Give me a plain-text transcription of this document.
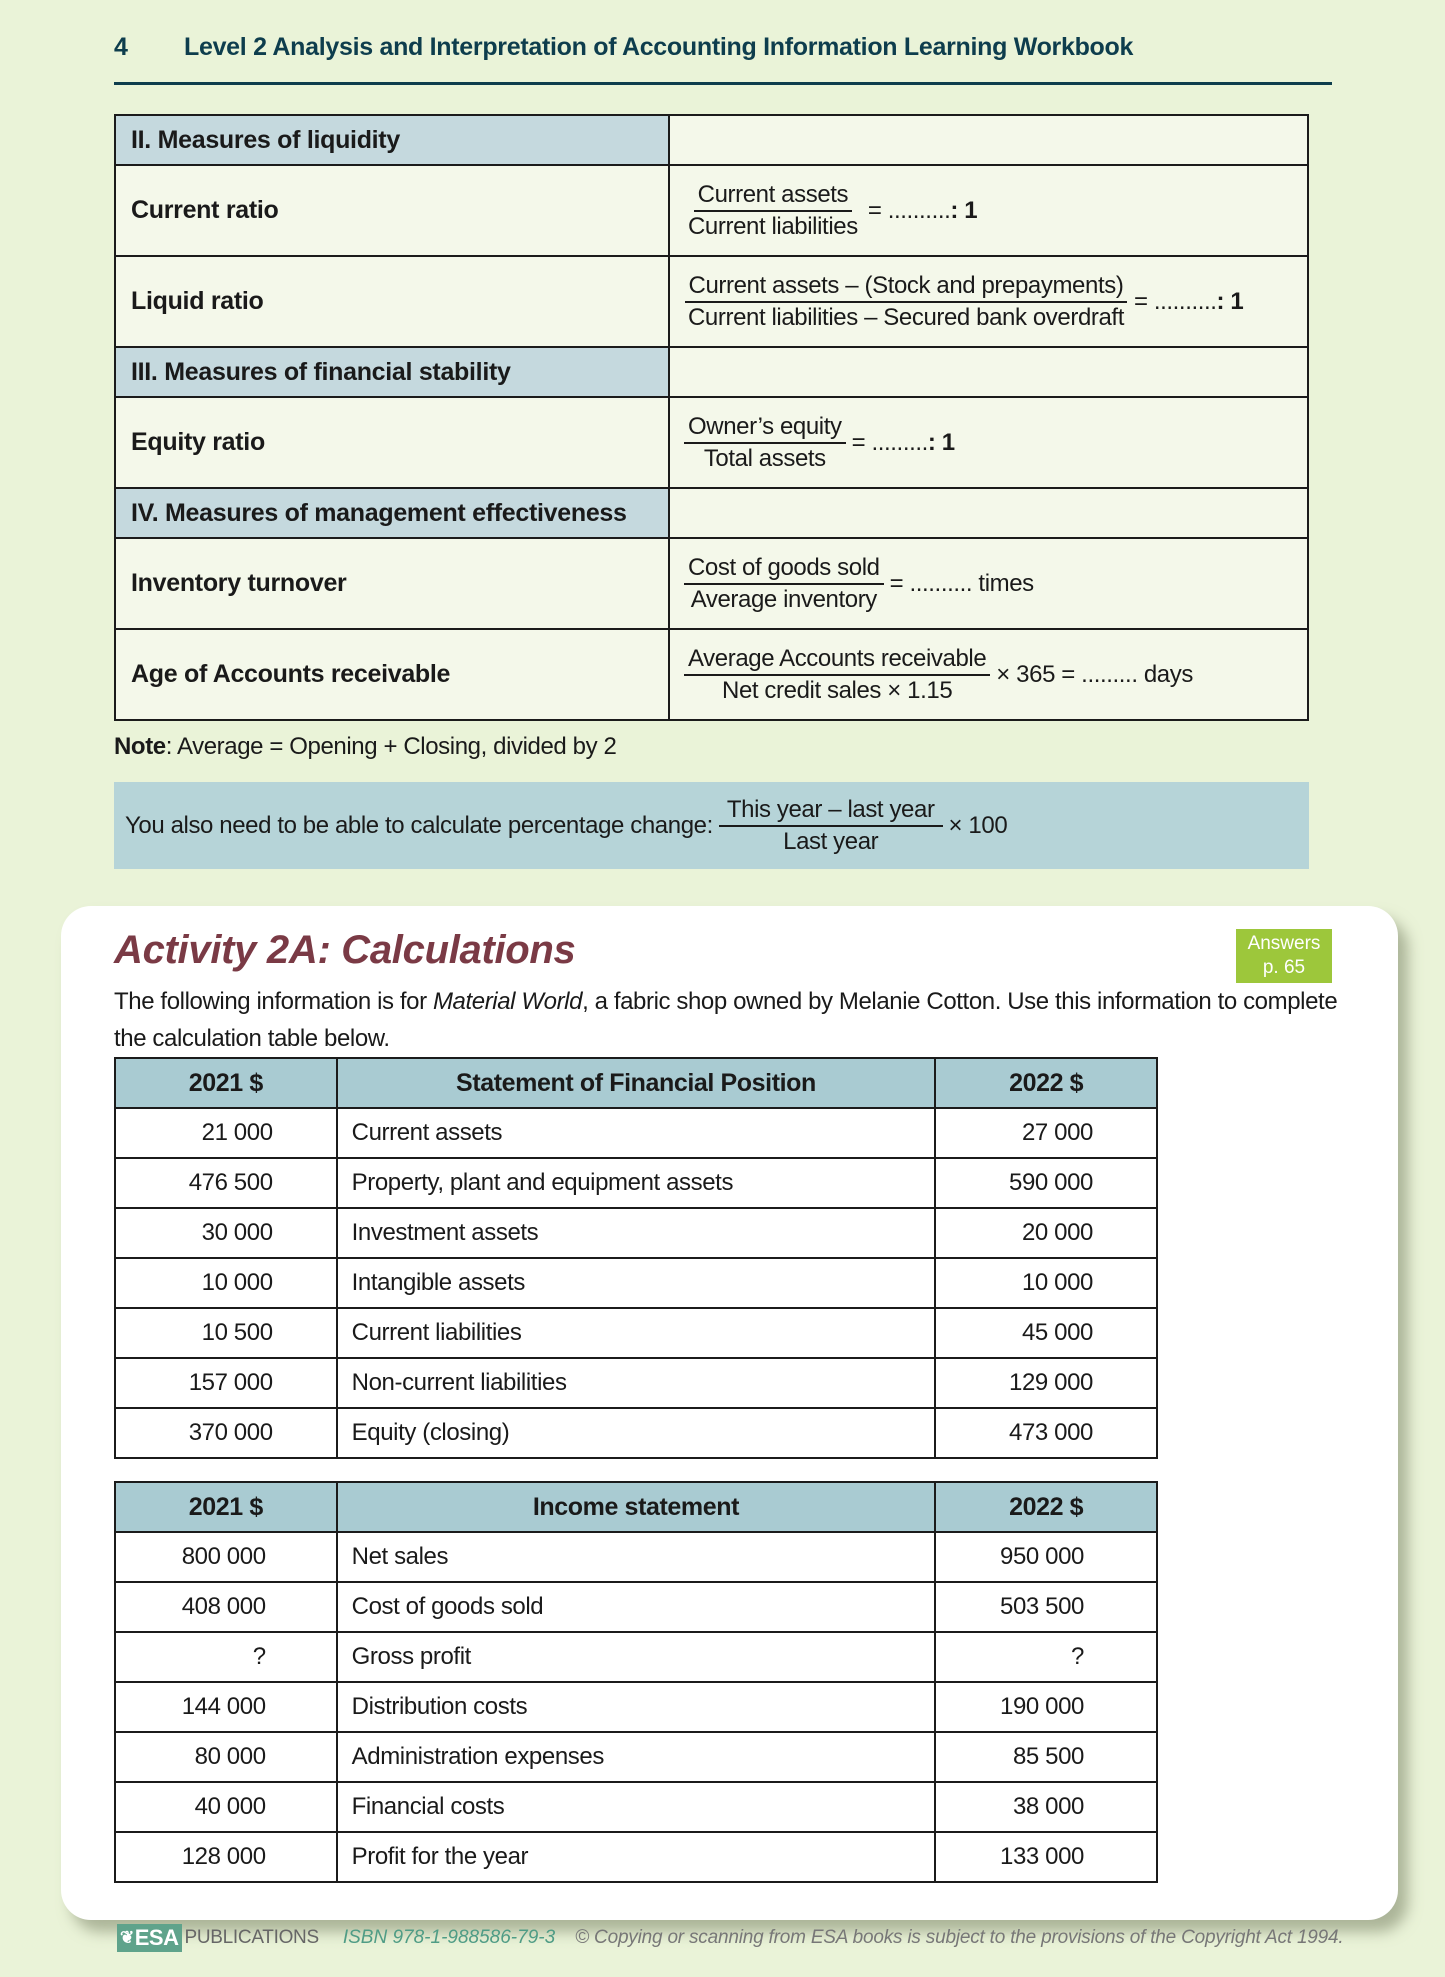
4	Level 2 Analysis and Interpretation of Accounting Information Learning Workbook
II. Measures of liquidity	
Current ratio	$\frac{\text{Current assets}}{\text{Current liabilities}}$ = ..........: 1

Liquid ratio	$\frac{\text{Current assets – (Stock and prepayments)}}{\text{Current liabilities – Secured bank overdraft}}$ = ..........: 1

III. Measures of financial stability	
Equity ratio	$\frac{\text{Owner’s equity}}{\text{Total assets}}$ = .........: 1

IV. Measures of management effectiveness	
Inventory turnover	$\frac{\text{Cost of goods sold}}{\text{Average inventory}}$ = .......... times

Age of Accounts receivable	$\frac{\text{Average Accounts receivable}}{\text{Net credit sales × 1.15}} \times 365$ = ......... days
Note: Average = Opening + Closing, divided by 2
You also need to be able to calculate percentage change: $\frac{\text{This year – last year}}{\text{Last year}} \times 100$
Activity 2A: Calculations	Answers
p. 65
The following information is for Material World, a fabric shop owned by Melanie Cotton. Use this information to complete the calculation table below.
2021 $	Statement of Financial Position	2022 $
21 000	Current assets	27 000
476 500	Property, plant and equipment assets	590 000
30 000	Investment assets	20 000
10 000	Intangible assets	10 000
10 500	Current liabilities	45 000
157 000	Non-current liabilities	129 000
370 000	Equity (closing)	473 000
2021 $	Income statement	2022 $
800 000	Net sales	950 000
408 000	Cost of goods sold	503 500
?	Gross profit	?
144 000	Distribution costs	190 000
80 000	Administration expenses	85 500
40 000	Financial costs	38 000
128 000	Profit for the year	133 000
❦ ESA PUBLICATIONS ISBN 978-1-988586-79-3 © Copying or scanning from ESA books is subject to the provisions of the Copyright Act 1994.
